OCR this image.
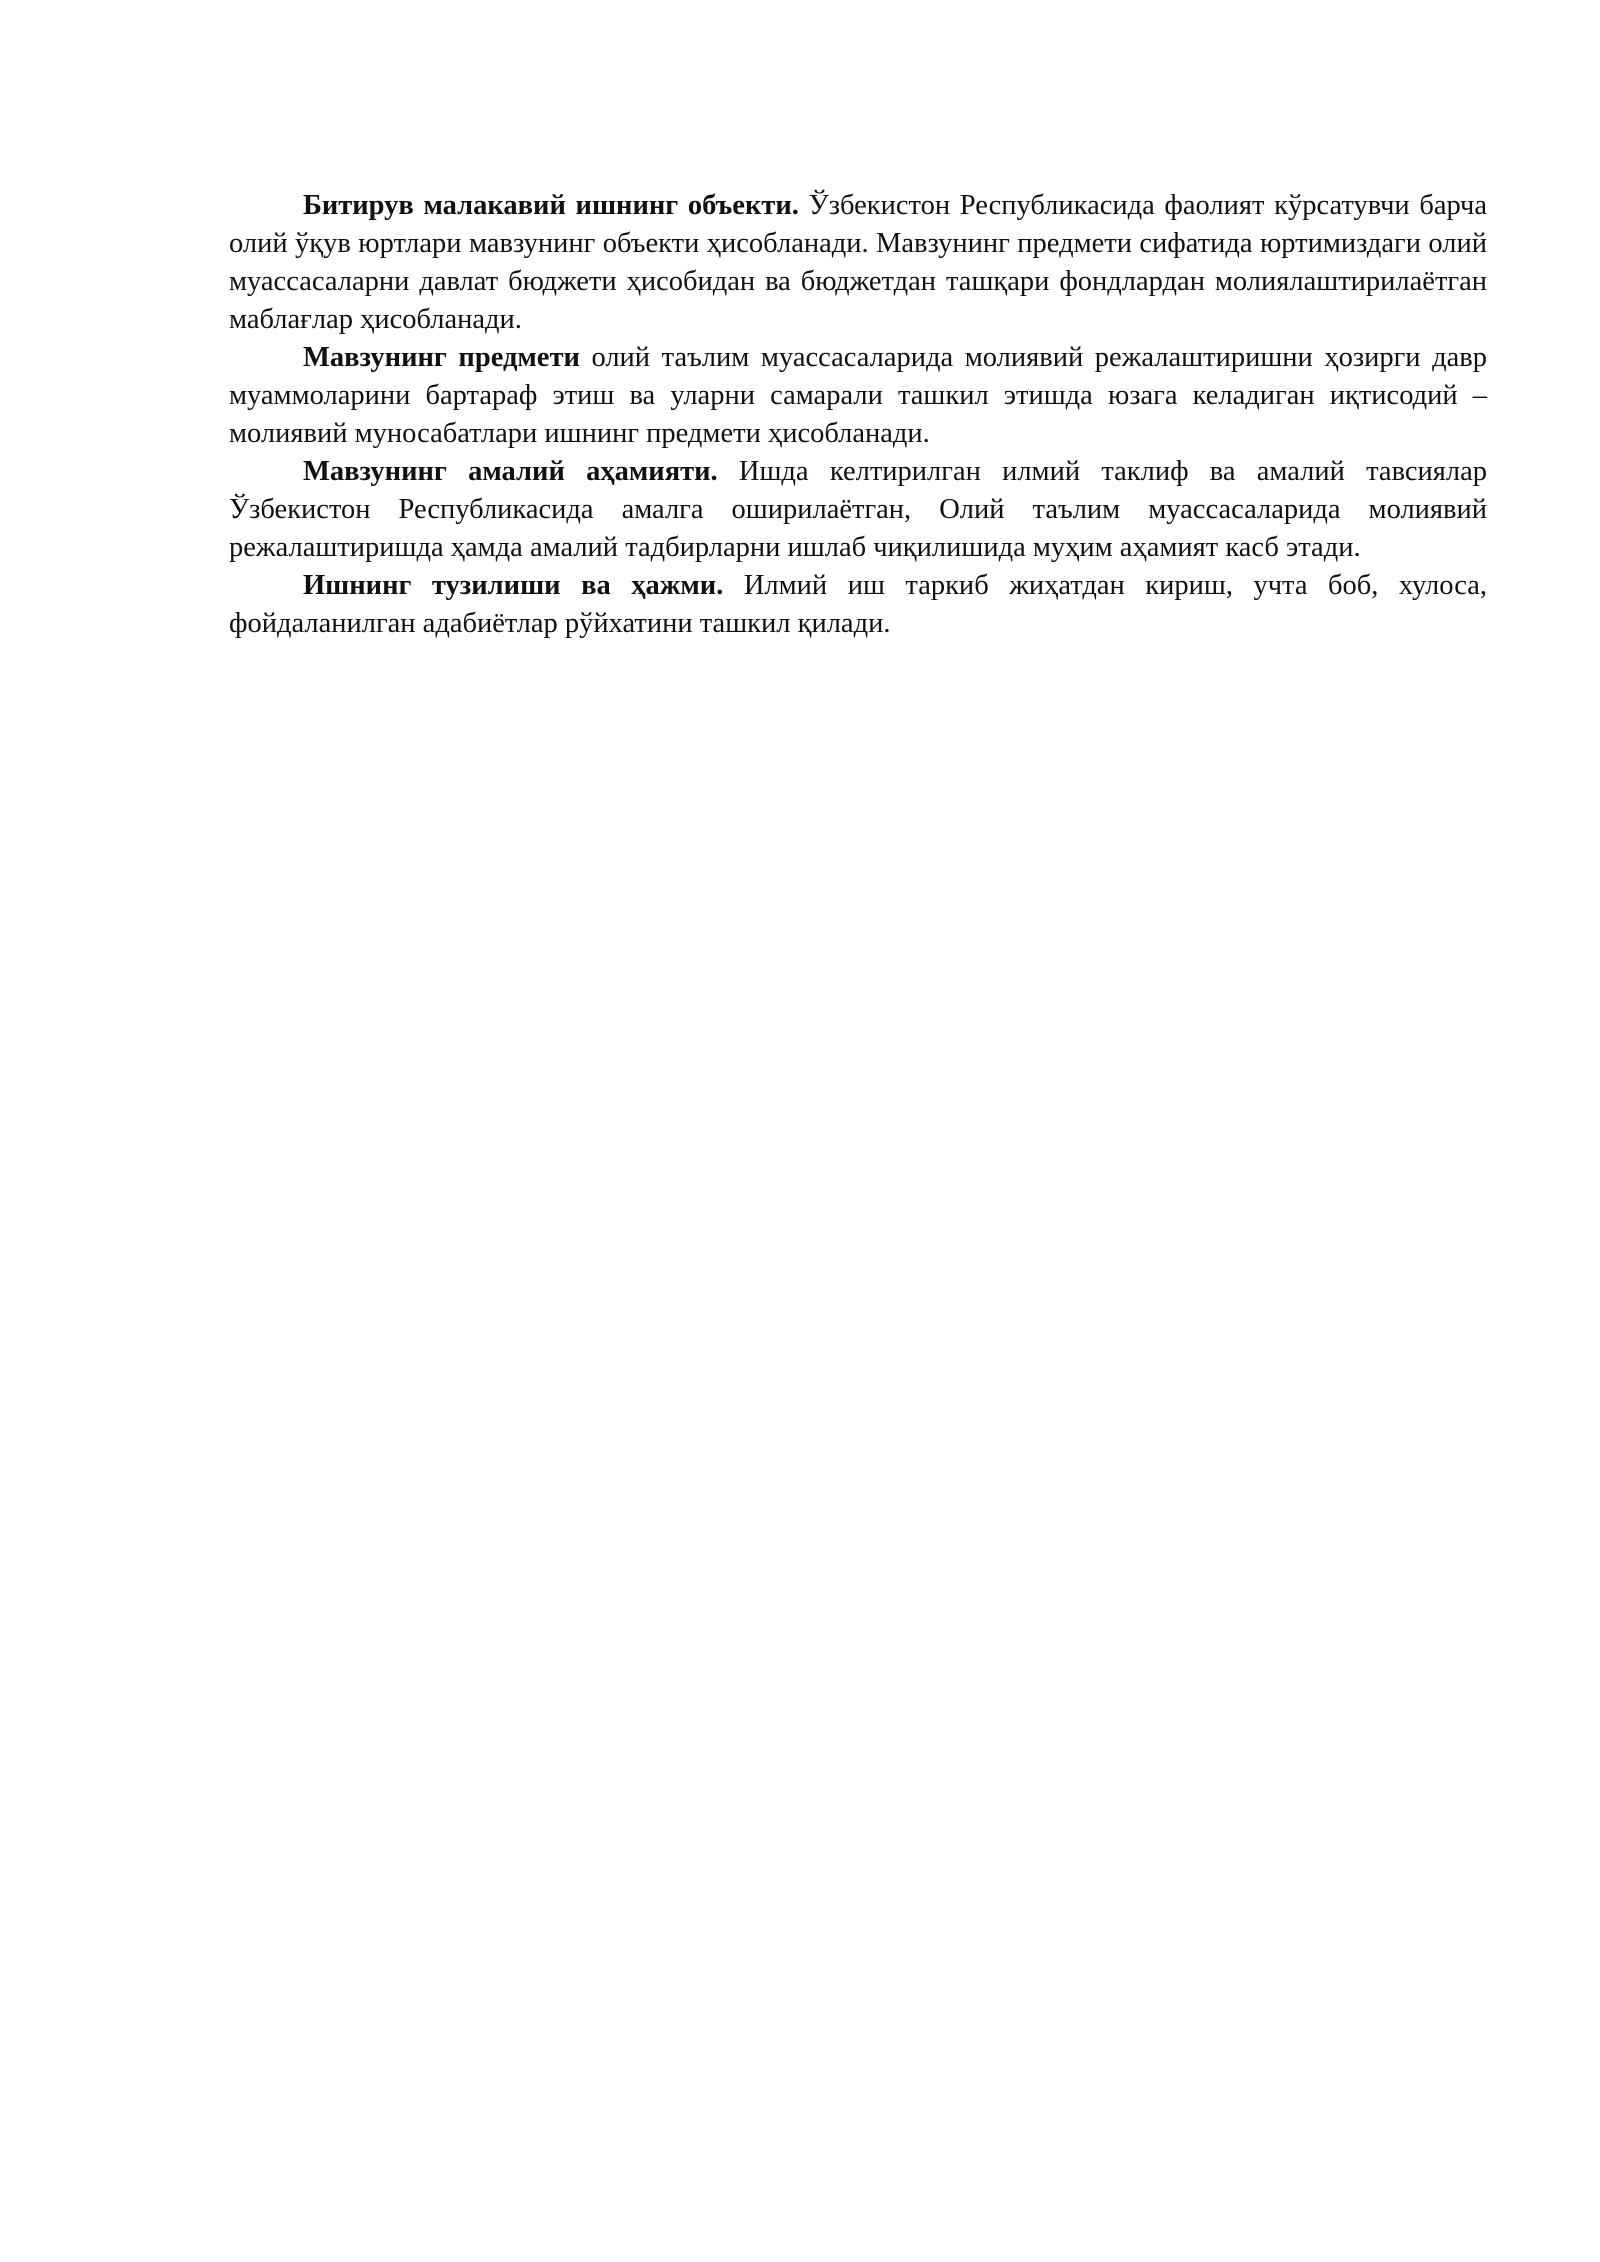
Битирув малакавий ишнинг объекти. Ўзбекистон Республикасида фаолият кўрсатувчи барча олий ўқув юртлари мавзунинг объекти ҳисобланади. Мавзунинг предмети сифатида юртимиздаги олий муассасаларни давлат бюджети ҳисобидан ва бюджетдан ташқари фондлардан молиялаштирилаётган маблағлар ҳисобланади.

Мавзунинг предмети олий таълим муассасаларида молиявий режалаштиришни ҳозирги давр муаммоларини бартараф этиш ва уларни самарали ташкил этишда юзага келадиган иқтисодий – молиявий муносабатлари ишнинг предмети ҳисобланади.

Мавзунинг амалий аҳамияти. Ишда келтирилган илмий таклиф ва амалий тавсиялар Ўзбекистон Республикасида амалга оширилаётган, Олий таълим муассасаларида молиявий режалаштиришда ҳамда амалий тадбирларни ишлаб чиқилишида муҳим аҳамият касб этади.

Ишнинг тузилиши ва ҳажми. Илмий иш таркиб жиҳатдан кириш, учта боб, хулоса, фойдаланилган адабиётлар рўйхатини ташкил қилади.
